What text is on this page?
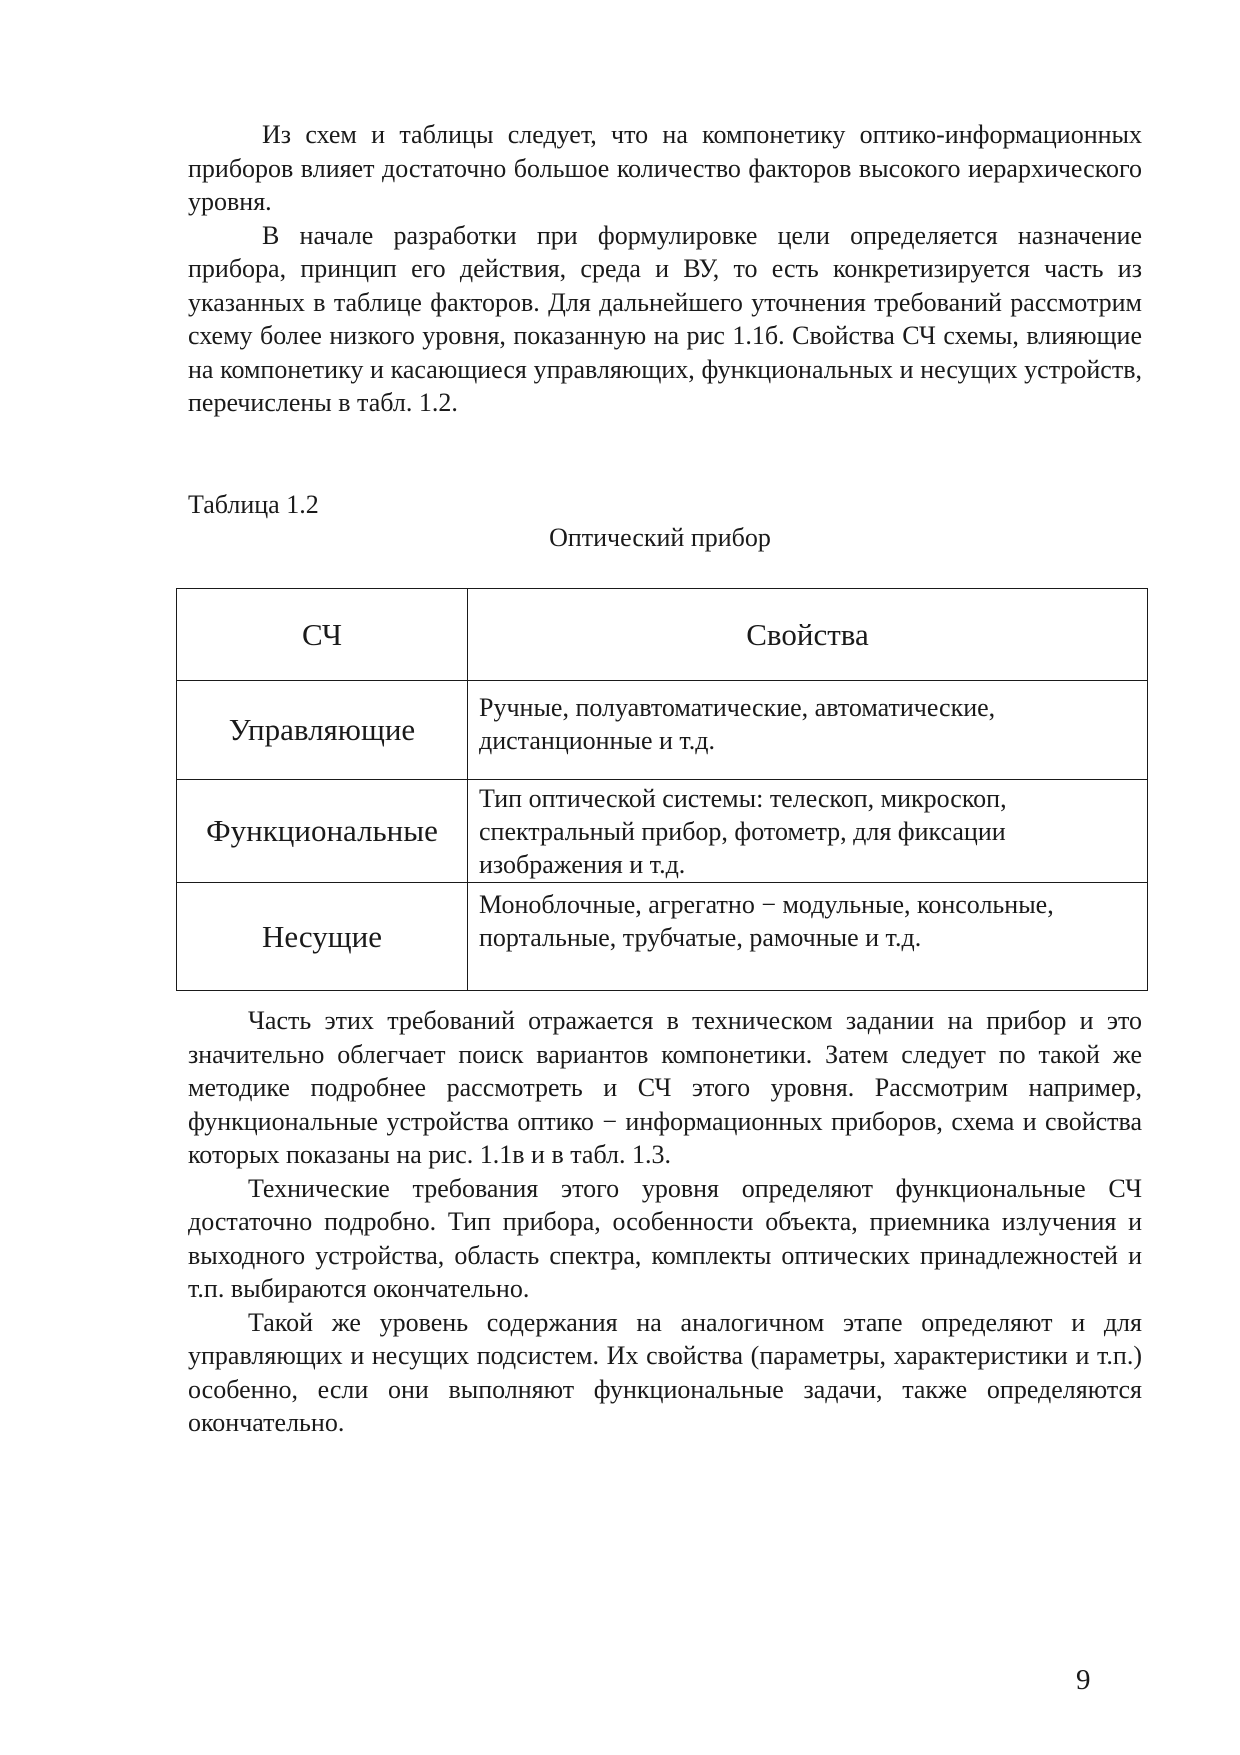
Из схем и таблицы следует, что на компонетику оптико-информационных приборов влияет достаточно большое количество факторов высокого иерархического уровня.

В начале разработки при формулировке цели определяется назначение прибора, принцип его действия, среда и ВУ, то есть конкретизируется часть из указанных в таблице факторов. Для дальнейшего уточнения требований рассмотрим схему более низкого уровня, показанную на рис 1.1б. Свойства СЧ схемы, влияющие на компонетику и касающиеся управляющих, функциональных и несущих устройств, перечислены в табл. 1.2.

Таблица 1.2
Оптический прибор
СЧ	Свойства
Управляющие	Ручные, полуавтоматические, автоматические, дистанционные и т.д.
Функциональные	Тип оптической системы: телескоп, микроскоп, спектральный прибор, фотометр, для фиксации изображения и т.д.
Несущие	Моноблочные, агрегатно − модульные, консольные, портальные, трубчатые, рамочные и т.д.

Часть этих требований отражается в техническом задании на прибор и это значительно облегчает поиск вариантов компонетики. Затем следует по такой же методике подробнее рассмотреть и СЧ этого уровня. Рассмотрим например, функциональные устройства оптико − информационных приборов, схема и свойства которых показаны на рис. 1.1в и в табл. 1.3.

Технические требования этого уровня определяют функциональные СЧ достаточно подробно. Тип прибора, особенности объекта, приемника излучения и выходного устройства, область спектра, комплекты оптических принадлежностей и т.п. выбираются окончательно.

Такой же уровень содержания на аналогичном этапе определяют и для управляющих и несущих подсистем. Их свойства (параметры, характеристики и т.п.) особенно, если они выполняют функциональные задачи, также определяются окончательно.

9
